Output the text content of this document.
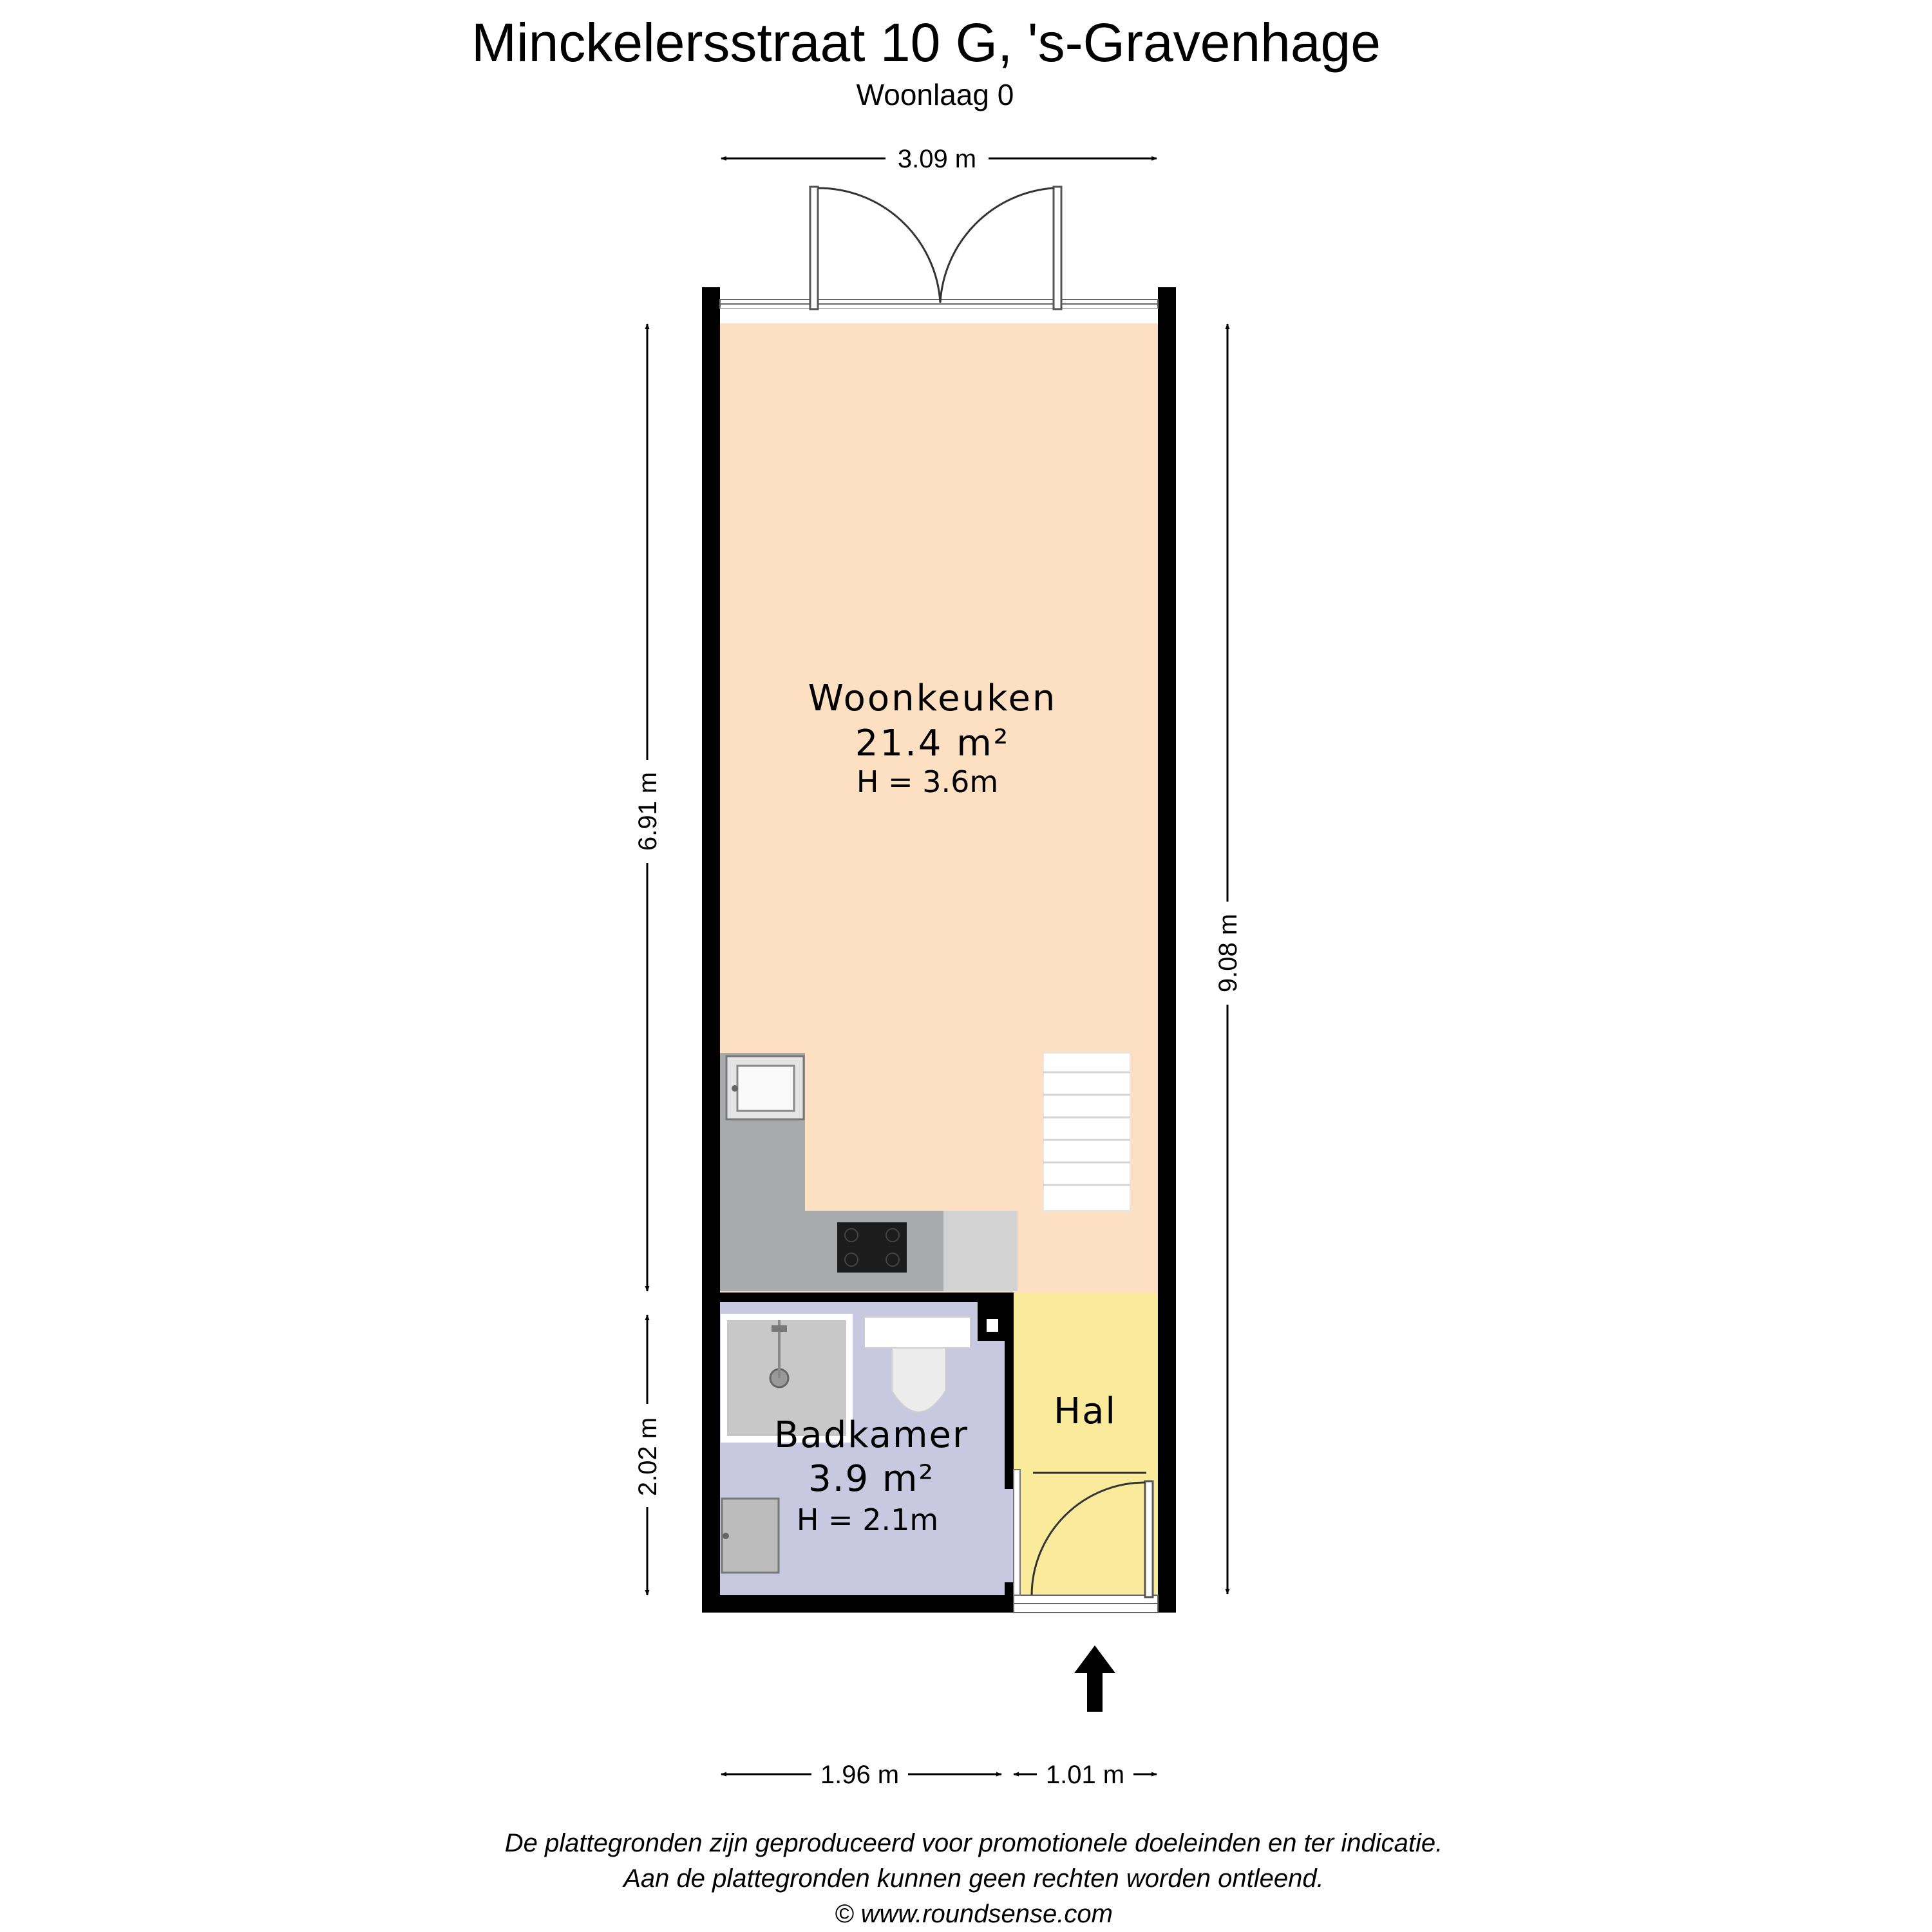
Minckelersstraat 10 G, 's-Gravenhage
Woonlaag 0
Woonkeuken
21.4 m²
H = 3.6m
Badkamer
3.9 m²
H = 2.1m
Hal
3.09 m
6.91 m
2.02 m
9.08 m
1.96 m	1.01 m
De plattegronden zijn geproduceerd voor promotionele doeleinden en ter indicatie.
Aan de plattegronden kunnen geen rechten worden ontleend.
© www.roundsense.com
